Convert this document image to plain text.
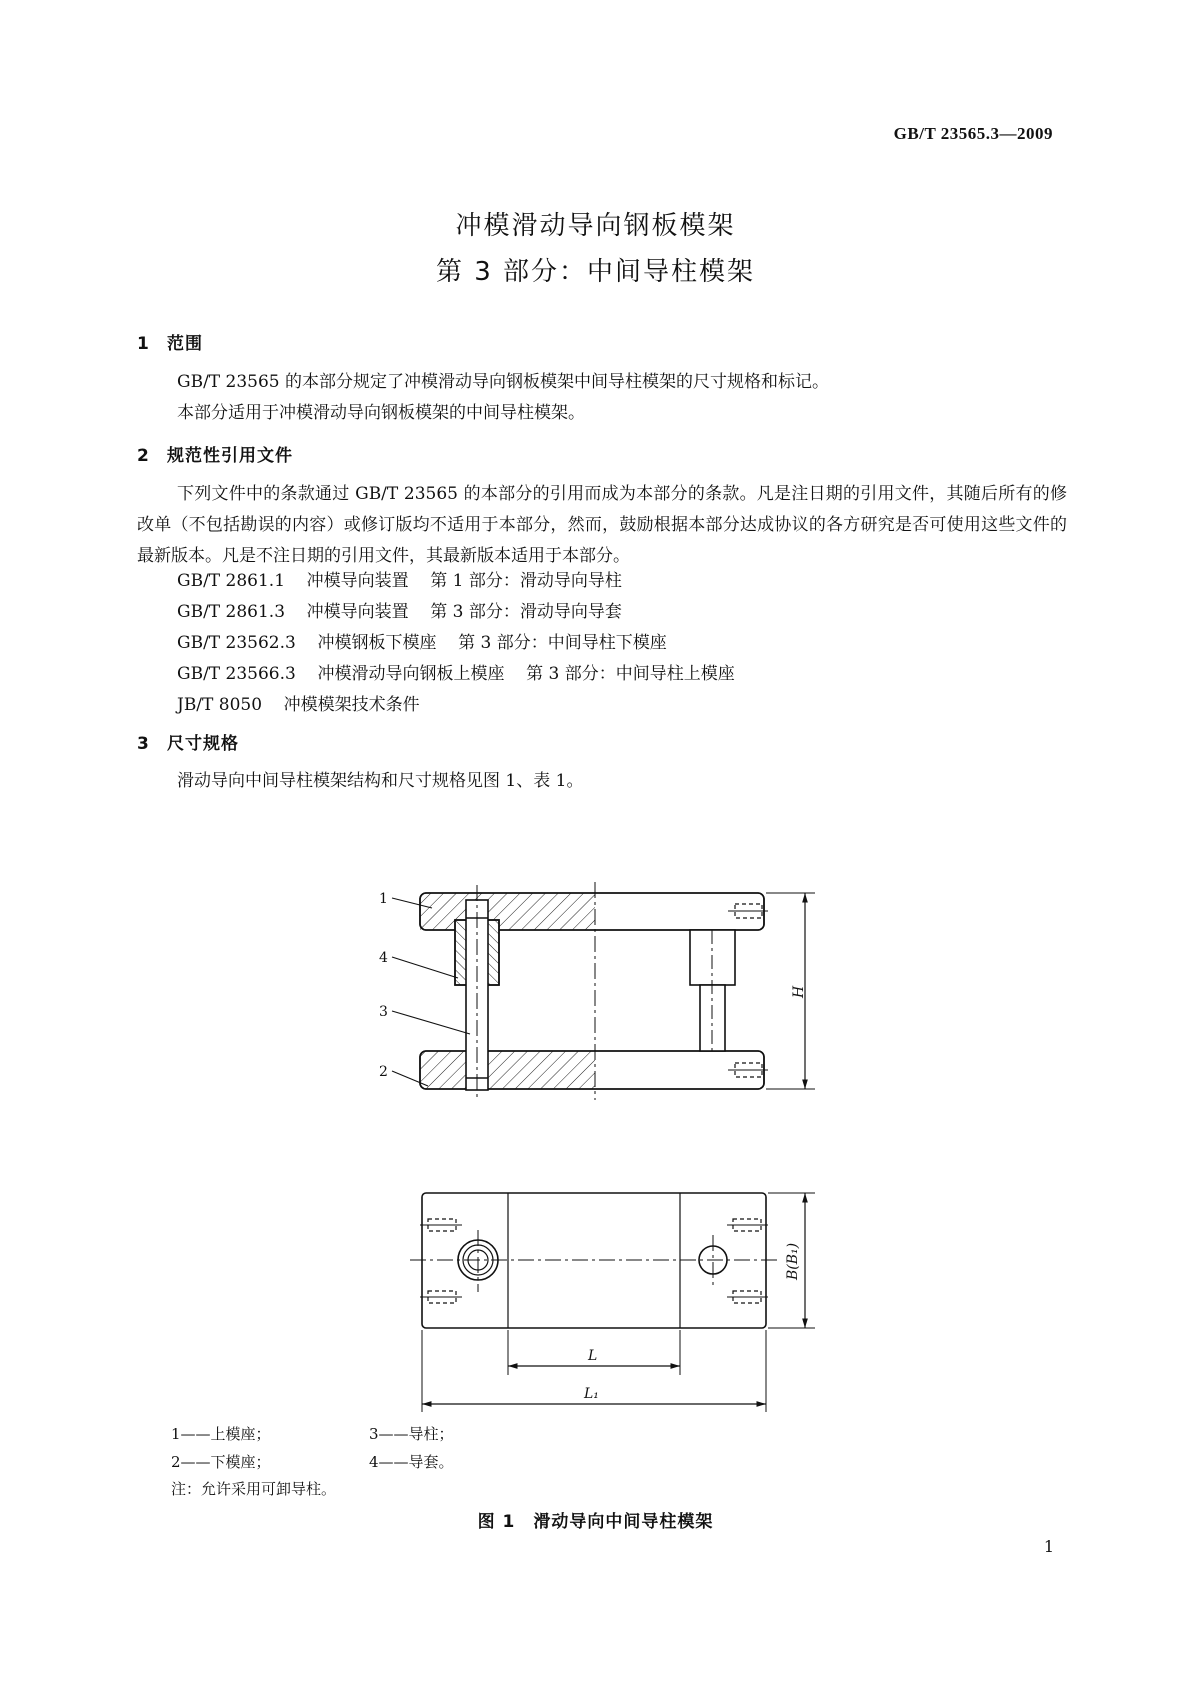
GB/T 23565.3—2009
冲模滑动导向钢板模架
第 3 部分：中间导柱模架
1 范围

GB/T 23565 的本部分规定了冲模滑动导向钢板模架中间导柱模架的尺寸规格和标记。

本部分适用于冲模滑动导向钢板模架的中间导柱模架。

2 规范性引用文件

下列文件中的条款通过 GB/T 23565 的本部分的引用而成为本部分的条款。凡是注日期的引用文件，其随后所有的修改单（不包括勘误的内容）或修订版均不适用于本部分，然而，鼓励根据本部分达成协议的各方研究是否可使用这些文件的最新版本。凡是不注日期的引用文件，其最新版本适用于本部分。

GB/T 2861.1    冲模导向装置    第 1 部分：滑动导向导柱
GB/T 2861.3    冲模导向装置    第 3 部分：滑动导向导套
GB/T 23562.3    冲模钢板下模座    第 3 部分：中间导柱下模座
GB/T 23566.3    冲模滑动导向钢板上模座    第 3 部分：中间导柱上模座
JB/T 8050    冲模模架技术条件
3 尺寸规格

滑动导向中间导柱模架结构和尺寸规格见图 1、表 1。

1
4
3
2
H
B(B₁)
L
L₁
1——上模座；	3——导柱；
2——下模座；	4——导套。
注：允许采用可卸导柱。
图 1　滑动导向中间导柱模架
1
